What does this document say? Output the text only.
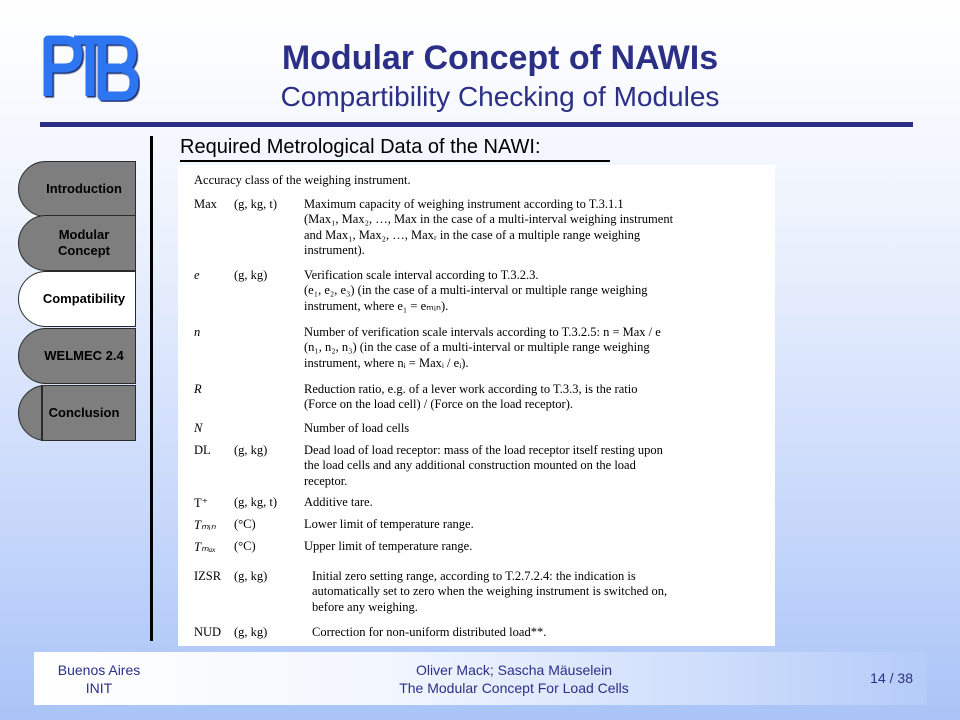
Modular Concept of NAWIs
Compartibility Checking of Modules
Required Metrological Data of the NAWI:
Introduction
Modular
Concept
Compatibility
WELMEC 2.4
Conclusion
Accuracy class of the weighing instrument.
Max (g, kg, t) Maximum capacity of weighing instrument according to T.3.1.1
(Max₁, Max₂, …, Max in the case of a multi-interval weighing instrument
and Max₁, Max₂, …, Maxᵣ in the case of a multiple range weighing
instrument).
e	(g, kg)	Verification scale interval according to T.3.2.3.
(e₁, e₂, e₃) (in the case of a multi-interval or multiple range weighing
instrument, where e₁ = eₘᵢₙ).
n	Number of verification scale intervals according to T.3.2.5: n = Max / e
(n₁, n₂, n₃) (in the case of a multi-interval or multiple range weighing
instrument, where nᵢ = Maxᵢ / eᵢ).
R	Reduction ratio, e.g. of a lever work according to T.3.3, is the ratio
(Force on the load cell) / (Force on the load receptor).
N	Number of load cells
DL (g, kg)	Dead load of load receptor: mass of the load receptor itself resting upon
the load cells and any additional construction mounted on the load
receptor.
T⁺ (g, kg, t) Additive tare.
Tₘᵢₙ (°C)	Lower limit of temperature range.
Tₘₐₓ (°C)	Upper limit of temperature range.
IZSR (g, kg)	Initial zero setting range, according to T.2.7.2.4: the indication is
automatically set to zero when the weighing instrument is switched on,
before any weighing.
NUD (g, kg)	Correction for non-uniform distributed load**.
Buenos Aires
INIT
Oliver Mack; Sascha Mäuselein
The Modular Concept For Load Cells
14 / 38
